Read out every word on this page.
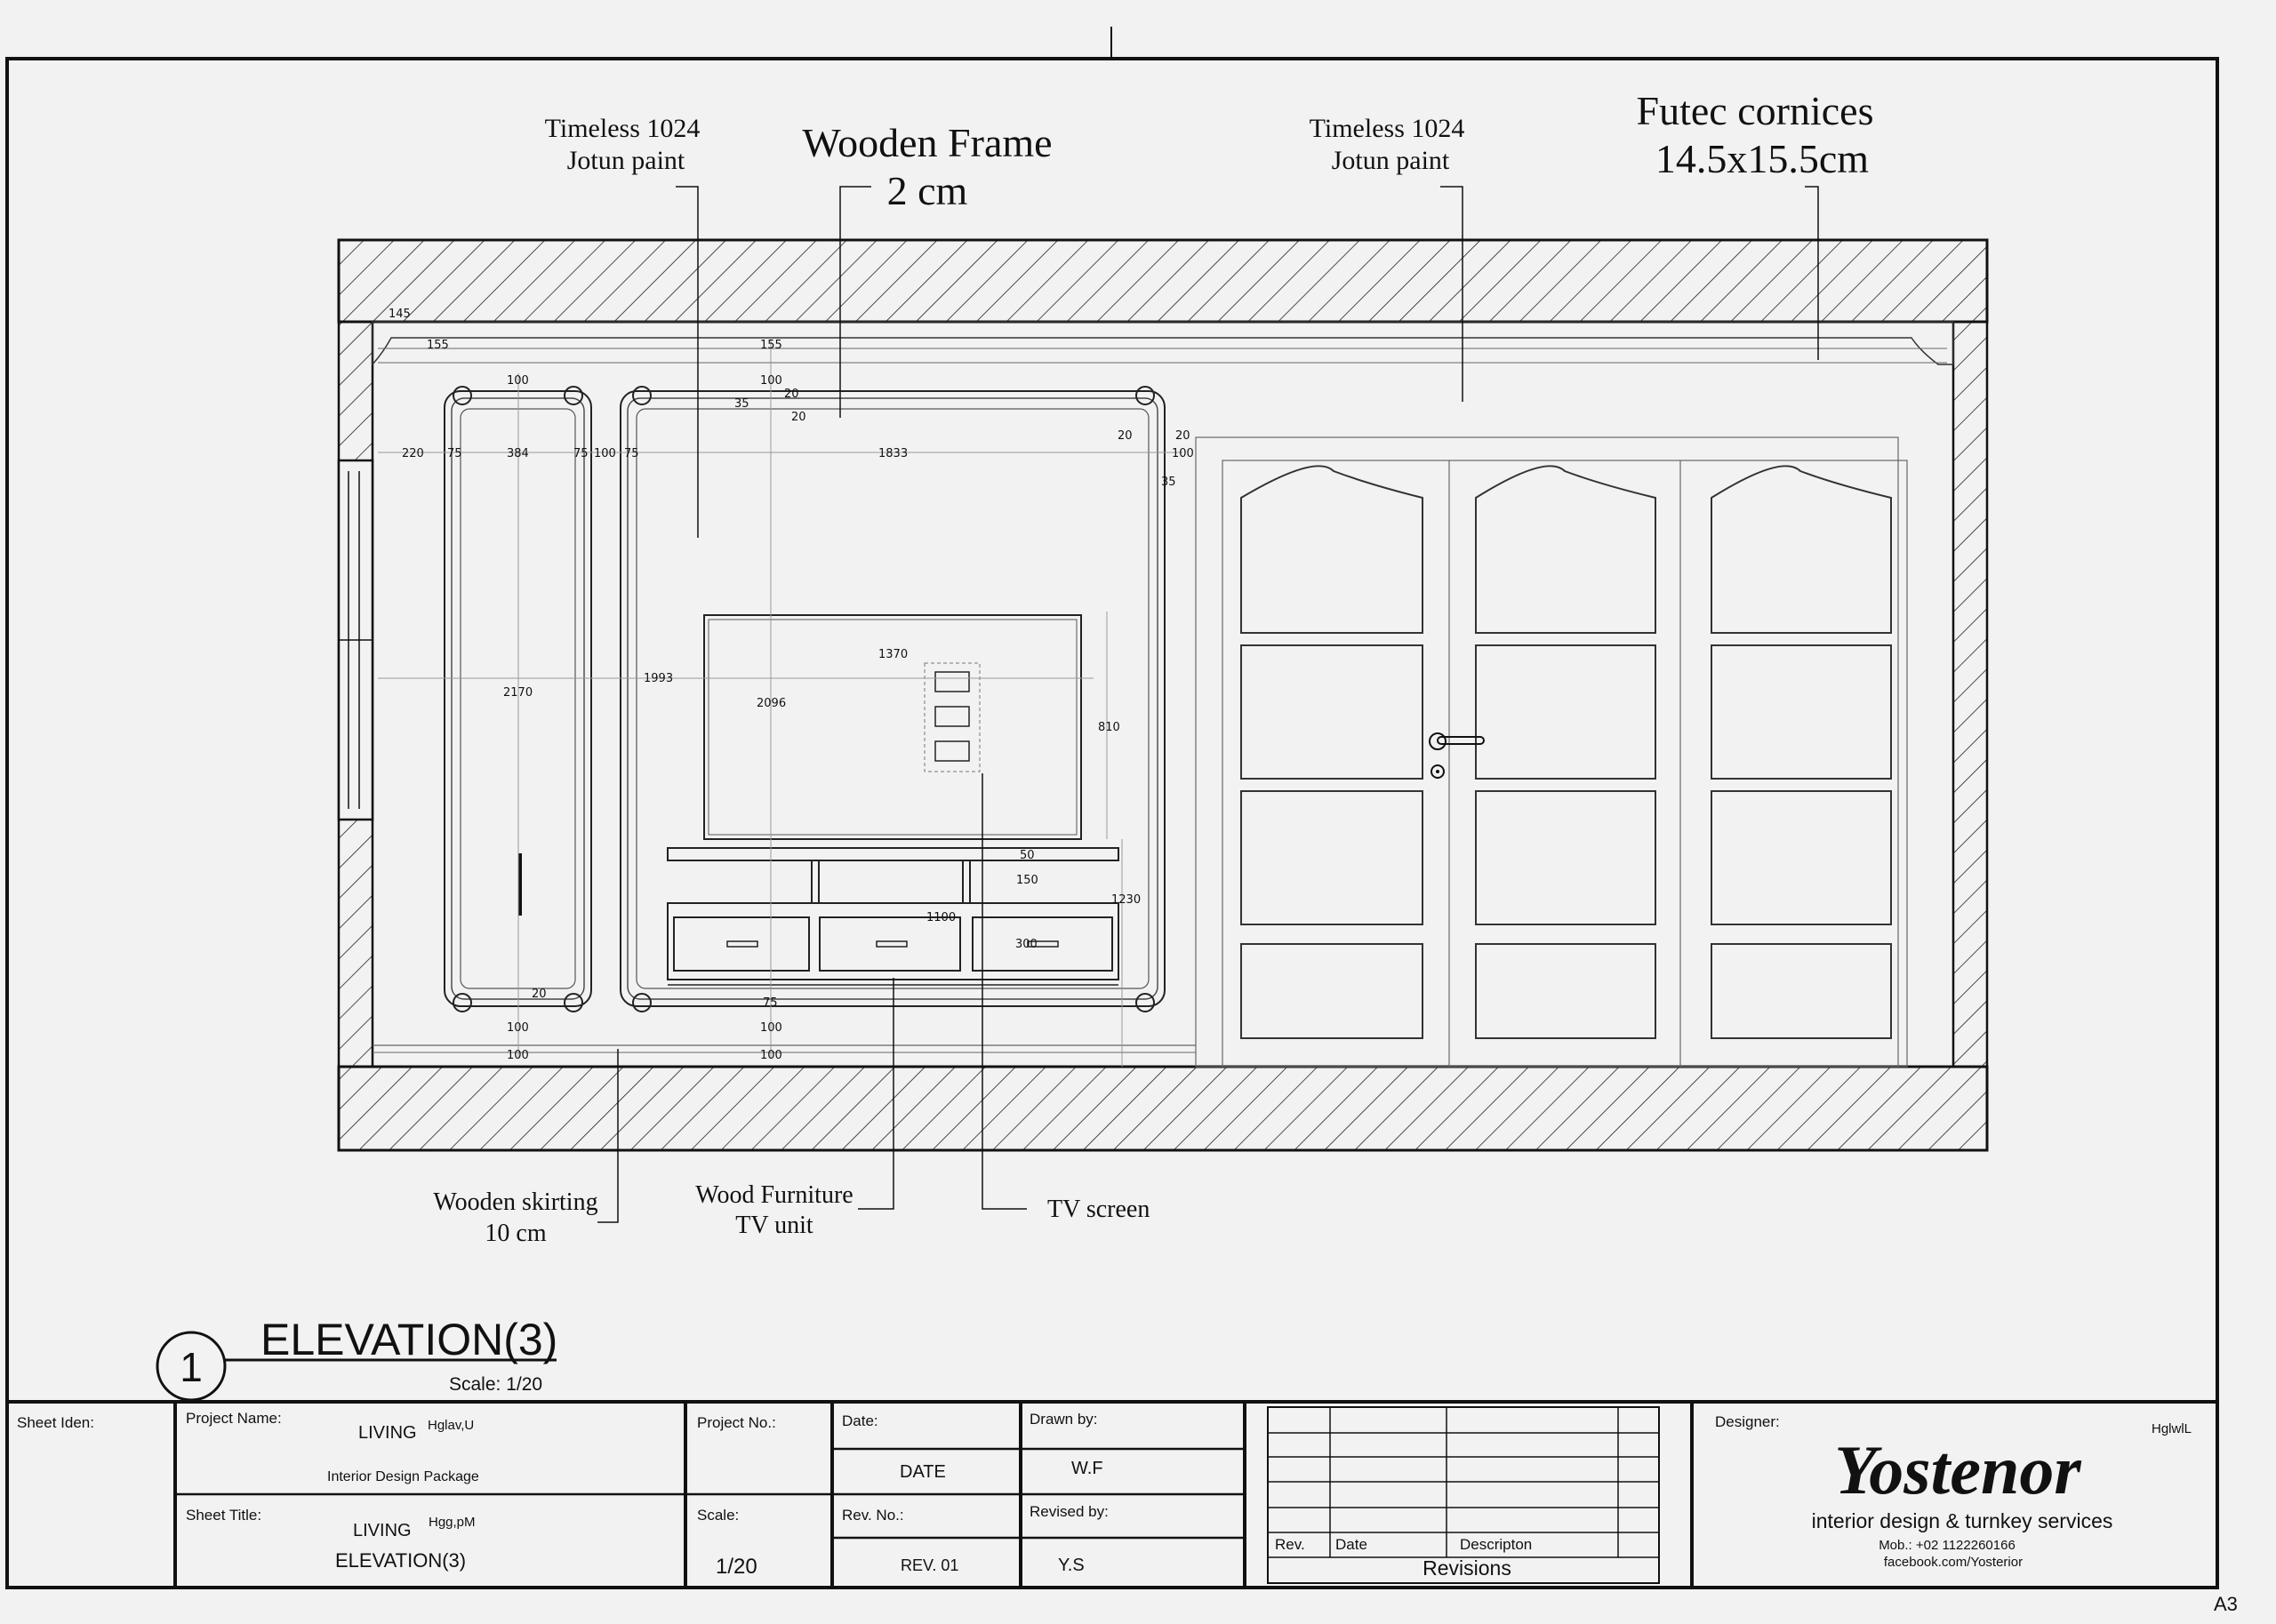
145
155	155
100	100
20
35
20
220 75	384	75 100 75	1833
20	20
100
35
1370
1993
2170
2096
810
50
150
1230
1100
300
20
75
100	100
100	100
Timeless 1024
Jotun paint	Wooden Frame
2 cm
Timeless 1024
Jotun paint
Futec cornices
14.5x15.5cm
Wooden skirting
10 cm
Wood Furniture
TV unit
TV screen
1
ELEVATION(3)
Scale: 1/20
Sheet Iden:	Project Name:
LIVING Hglav,U
Interior Design Package
Sheet Title:
LIVING Hgg,pM
ELEVATION(3)
Project No.:
Scale:
1/20
Date:
DATE
Rev. No.:
REV. 01
Drawn by:
W.F
Revised by:
Y.S
Rev. Date	Descripton
Revisions
Designer:	HglwlL
Yostenor
interior design & turnkey services
Mob.: +02 1122260166
facebook.com/Yosterior
A3
